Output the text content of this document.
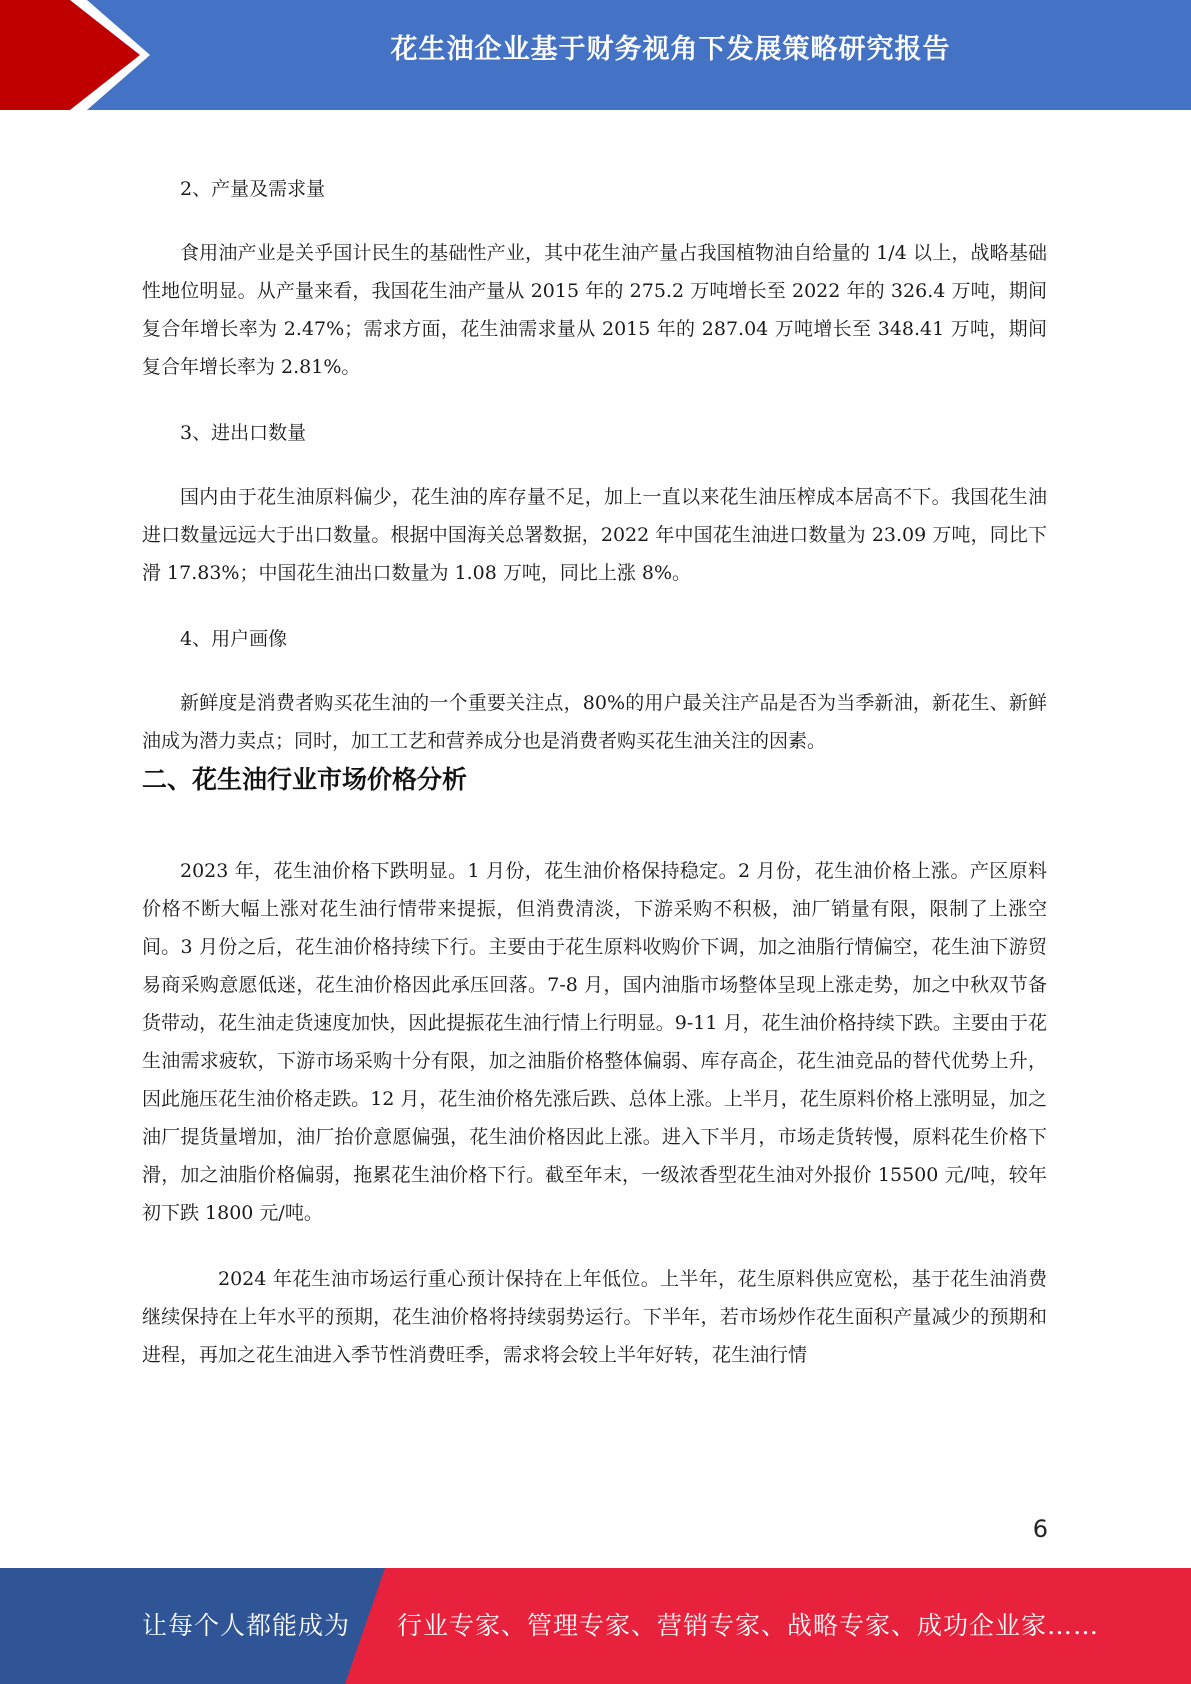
花生油企业基于财务视角下发展策略研究报告

2、产量及需求量

食用油产业是关乎国计民生的基础性产业，其中花生油产量占我国植物油自给量的 1/4 以上，战略基础性地位明显。从产量来看，我国花生油产量从 2015 年的 275.2 万吨增长至 2022 年的 326.4 万吨，期间复合年增长率为 2.47%；需求方面，花生油需求量从 2015 年的 287.04 万吨增长至 348.41 万吨，期间复合年增长率为 2.81%。

3、进出口数量

国内由于花生油原料偏少，花生油的库存量不足，加上一直以来花生油压榨成本居高不下。我国花生油进口数量远远大于出口数量。根据中国海关总署数据，2022 年中国花生油进口数量为 23.09 万吨，同比下滑 17.83%；中国花生油出口数量为 1.08 万吨，同比上涨 8%。

4、用户画像

新鲜度是消费者购买花生油的一个重要关注点，80%的用户最关注产品是否为当季新油，新花生、新鲜油成为潜力卖点；同时，加工工艺和营养成分也是消费者购买花生油关注的因素。

二、花生油行业市场价格分析

2023 年，花生油价格下跌明显。1 月份，花生油价格保持稳定。2 月份，花生油价格上涨。产区原料价格不断大幅上涨对花生油行情带来提振，但消费清淡，下游采购不积极，油厂销量有限，限制了上涨空间。3 月份之后，花生油价格持续下行。主要由于花生原料收购价下调，加之油脂行情偏空，花生油下游贸易商采购意愿低迷，花生油价格因此承压回落。7-8 月，国内油脂市场整体呈现上涨走势，加之中秋双节备货带动，花生油走货速度加快，因此提振花生油行情上行明显。9-11 月，花生油价格持续下跌。主要由于花生油需求疲软，下游市场采购十分有限，加之油脂价格整体偏弱、库存高企，花生油竞品的替代优势上升，因此施压花生油价格走跌。12 月，花生油价格先涨后跌、总体上涨。上半月，花生原料价格上涨明显，加之油厂提货量增加，油厂抬价意愿偏强，花生油价格因此上涨。进入下半月，市场走货转慢，原料花生价格下滑，加之油脂价格偏弱，拖累花生油价格下行。截至年末，一级浓香型花生油对外报价 15500 元/吨，较年初下跌 1800 元/吨。

2024 年花生油市场运行重心预计保持在上年低位。上半年，花生原料供应宽松，基于花生油消费继续保持在上年水平的预期，花生油价格将持续弱势运行。下半年，若市场炒作花生面积产量减少的预期和进程，再加之花生油进入季节性消费旺季，需求将会较上半年好转，花生油行情

6
让每个人都能成为 行业专家、管理专家、营销专家、战略专家、成功企业家……
